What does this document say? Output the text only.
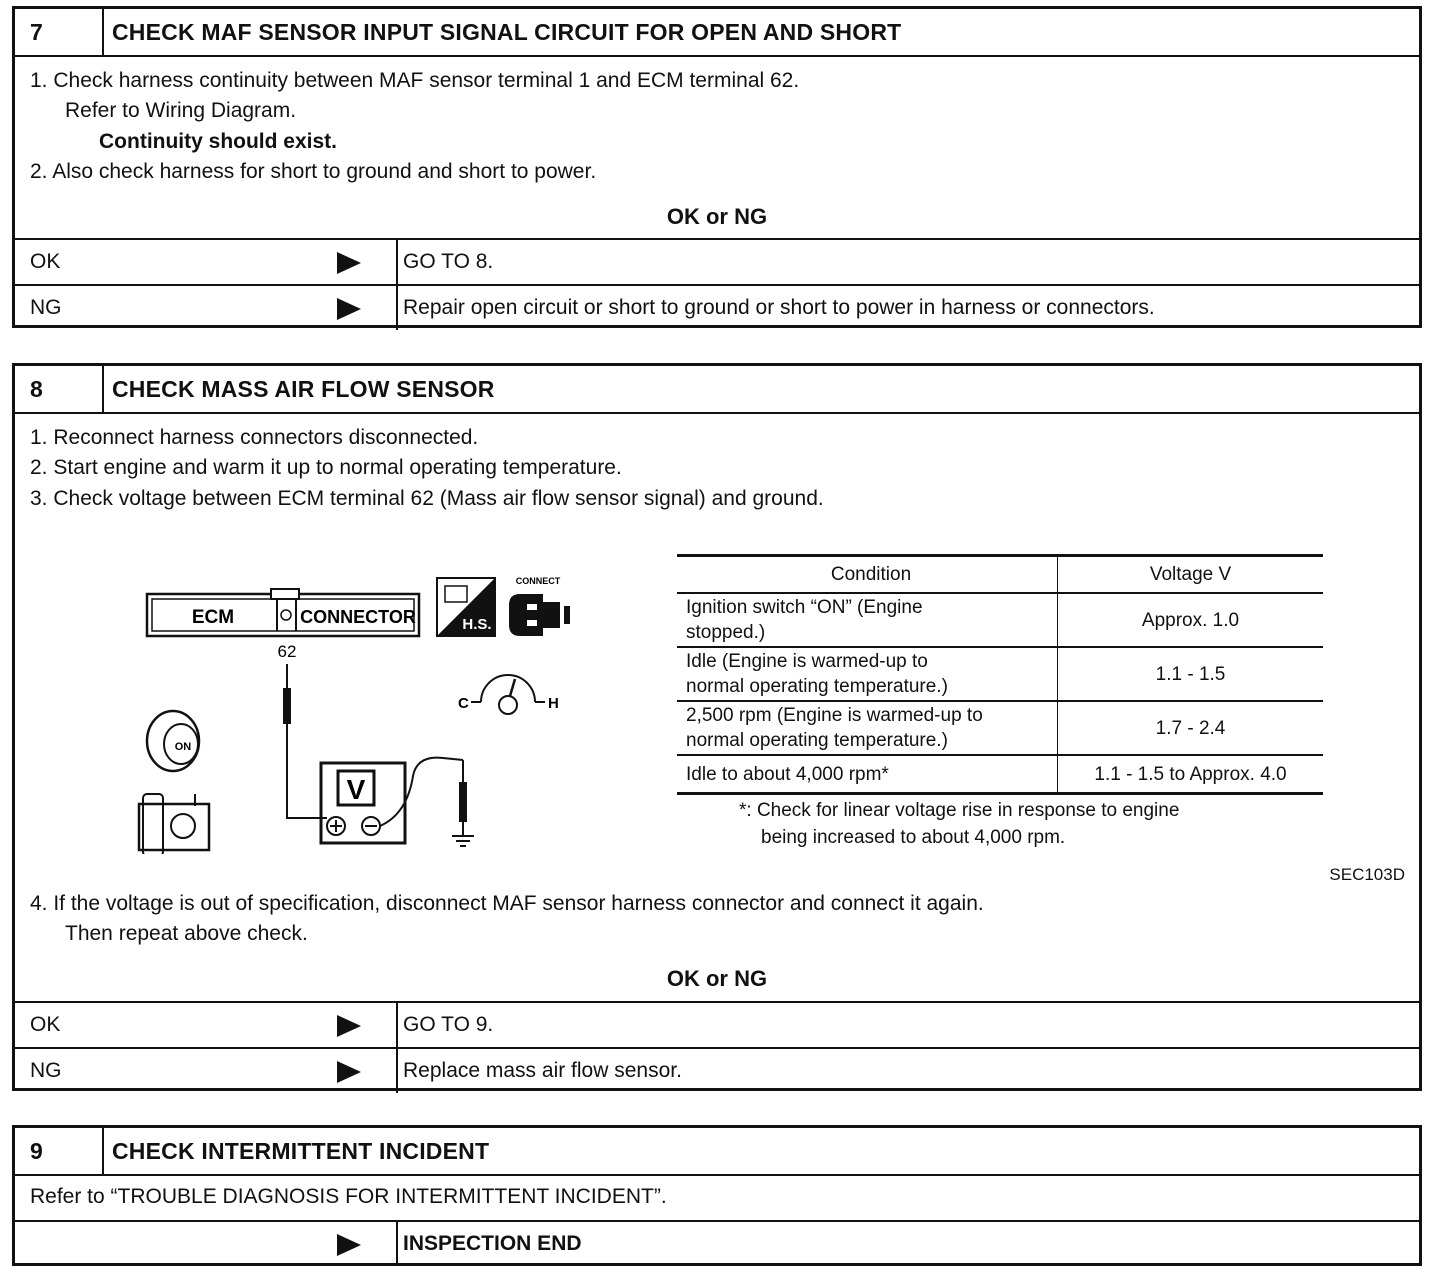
7	CHECK MAF SENSOR INPUT SIGNAL CIRCUIT FOR OPEN AND SHORT
1. Check harness continuity between MAF sensor terminal 1 and ECM terminal 62.
Refer to Wiring Diagram.
Continuity should exist.
2. Also check harness for short to ground and short to power.
OK or NG
OK	GO TO 8.
NG	Repair open circuit or short to ground or short to power in harness or connectors.
8	CHECK MASS AIR FLOW SENSOR
1. Reconnect harness connectors disconnected.
2. Start engine and warm it up to normal operating temperature.
3. Check voltage between ECM terminal 62 (Mass air flow sensor signal) and ground.
ECM	CONNECTOR
62
V
H.S.
CONNECT
C	H
ON
Condition	Voltage V

Ignition switch “ON” (Engine
stopped.)	Approx. 1.0

Idle (Engine is warmed-up to
normal operating temperature.)	1.1 - 1.5

2,500 rpm (Engine is warmed-up to
normal operating temperature.)	1.7 - 2.4
Idle to about 4,000 rpm*	1.1 - 1.5 to Approx. 4.0
*: Check for linear voltage rise in response to engine
being increased to about 4,000 rpm.
SEC103D
4. If the voltage is out of specification, disconnect MAF sensor harness connector and connect it again.
Then repeat above check.
OK or NG
OK	GO TO 9.
NG	Replace mass air flow sensor.
9	CHECK INTERMITTENT INCIDENT
Refer to “TROUBLE DIAGNOSIS FOR INTERMITTENT INCIDENT”.
INSPECTION END
